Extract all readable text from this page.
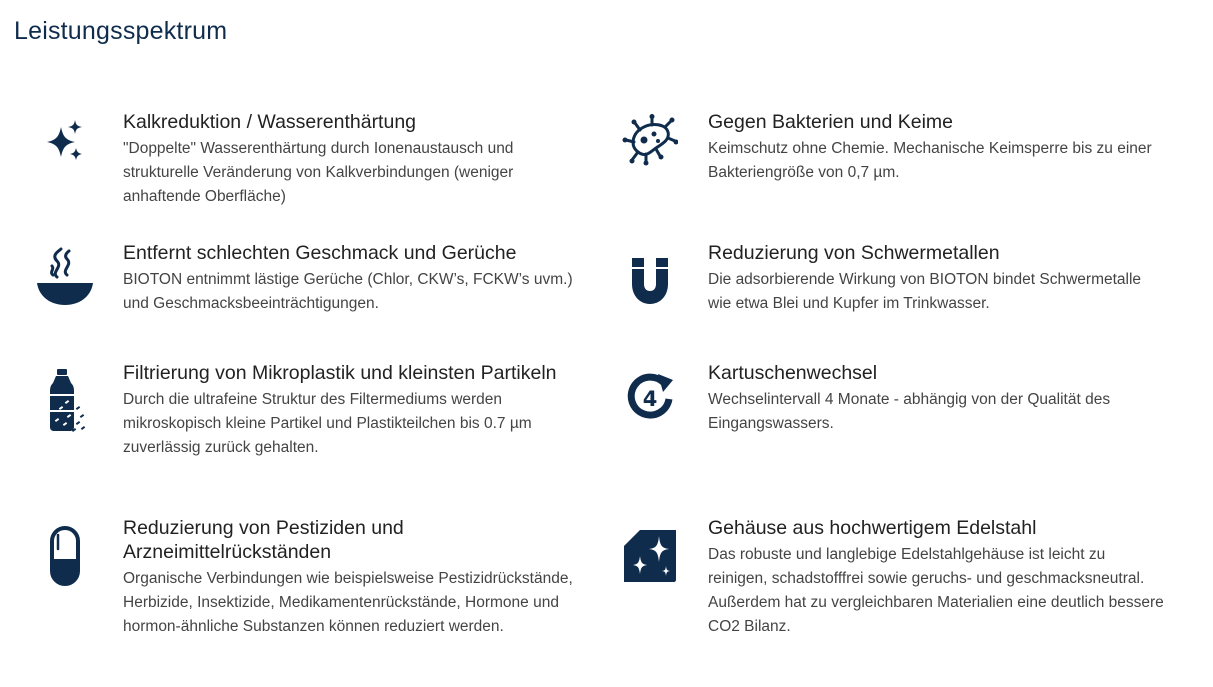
Leistungsspektrum
Kalkreduktion / Wasserenthärtung

"Doppelte" Wasserenthärtung durch Ionenaustausch und strukturelle Veränderung von Kalkverbindungen (weniger anhaftende Oberfläche)

Gegen Bakterien und Keime

Keimschutz ohne Chemie. Mechanische Keimsperre bis zu einer Bakteriengröße von 0,7 µm.

Entfernt schlechten Geschmack und Gerüche

BIOTON entnimmt lästige Gerüche (Chlor, CKW’s, FCKW’s uvm.) und Geschmacksbeeinträchtigungen.

Reduzierung von Schwermetallen

Die adsorbierende Wirkung von BIOTON bindet Schwermetalle wie etwa Blei und Kupfer im Trinkwasser.

Filtrierung von Mikroplastik und kleinsten Partikeln

Durch die ultrafeine Struktur des Filtermediums werden mikroskopisch kleine Partikel und Plastikteilchen bis 0.7 µm zuverlässig zurück gehalten.

4
Kartuschenwechsel

Wechselintervall 4 Monate - abhängig von der Qualität des Eingangswassers.

Reduzierung von Pestiziden und Arzneimittelrückständen

Organische Verbindungen wie beispielsweise Pestizidrückstände, Herbizide, Insektizide, Medikamentenrückstände, Hormone und hormon-ähnliche Substanzen können reduziert werden.

Gehäuse aus hochwertigem Edelstahl

Das robuste und langlebige Edelstahlgehäuse ist leicht zu reinigen, schadstofffrei sowie geruchs- und geschmacksneutral. Außerdem hat zu vergleichbaren Materialien eine deutlich bessere CO2 Bilanz.
